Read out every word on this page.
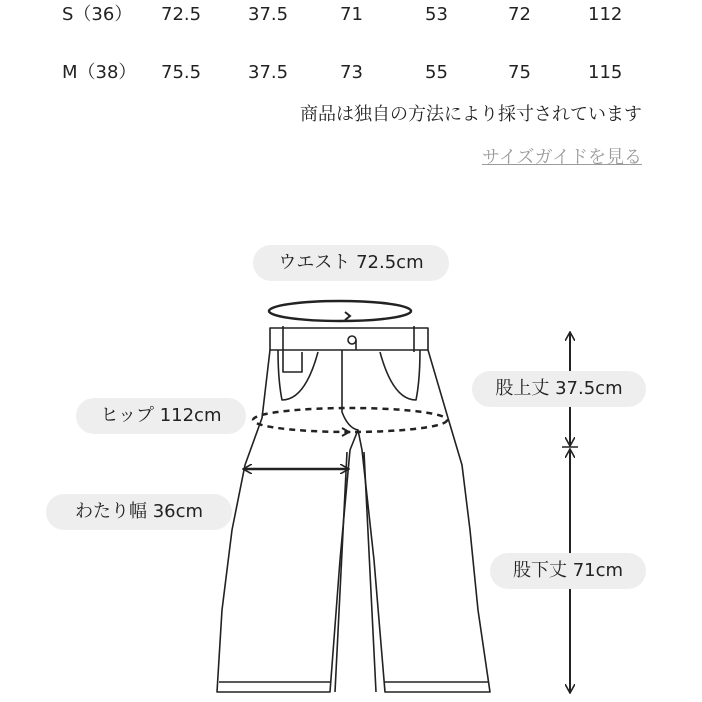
S（36） 72.5	37.5	71	53	72	112
M（38） 75.5	37.5	73	55	75	115
商品は独自の方法により採寸されています
サイズガイドを見る
ウエスト 72.5cm
ヒップ 112cm
わたり幅 36cm
股上丈 37.5cm
股下丈 71cm
